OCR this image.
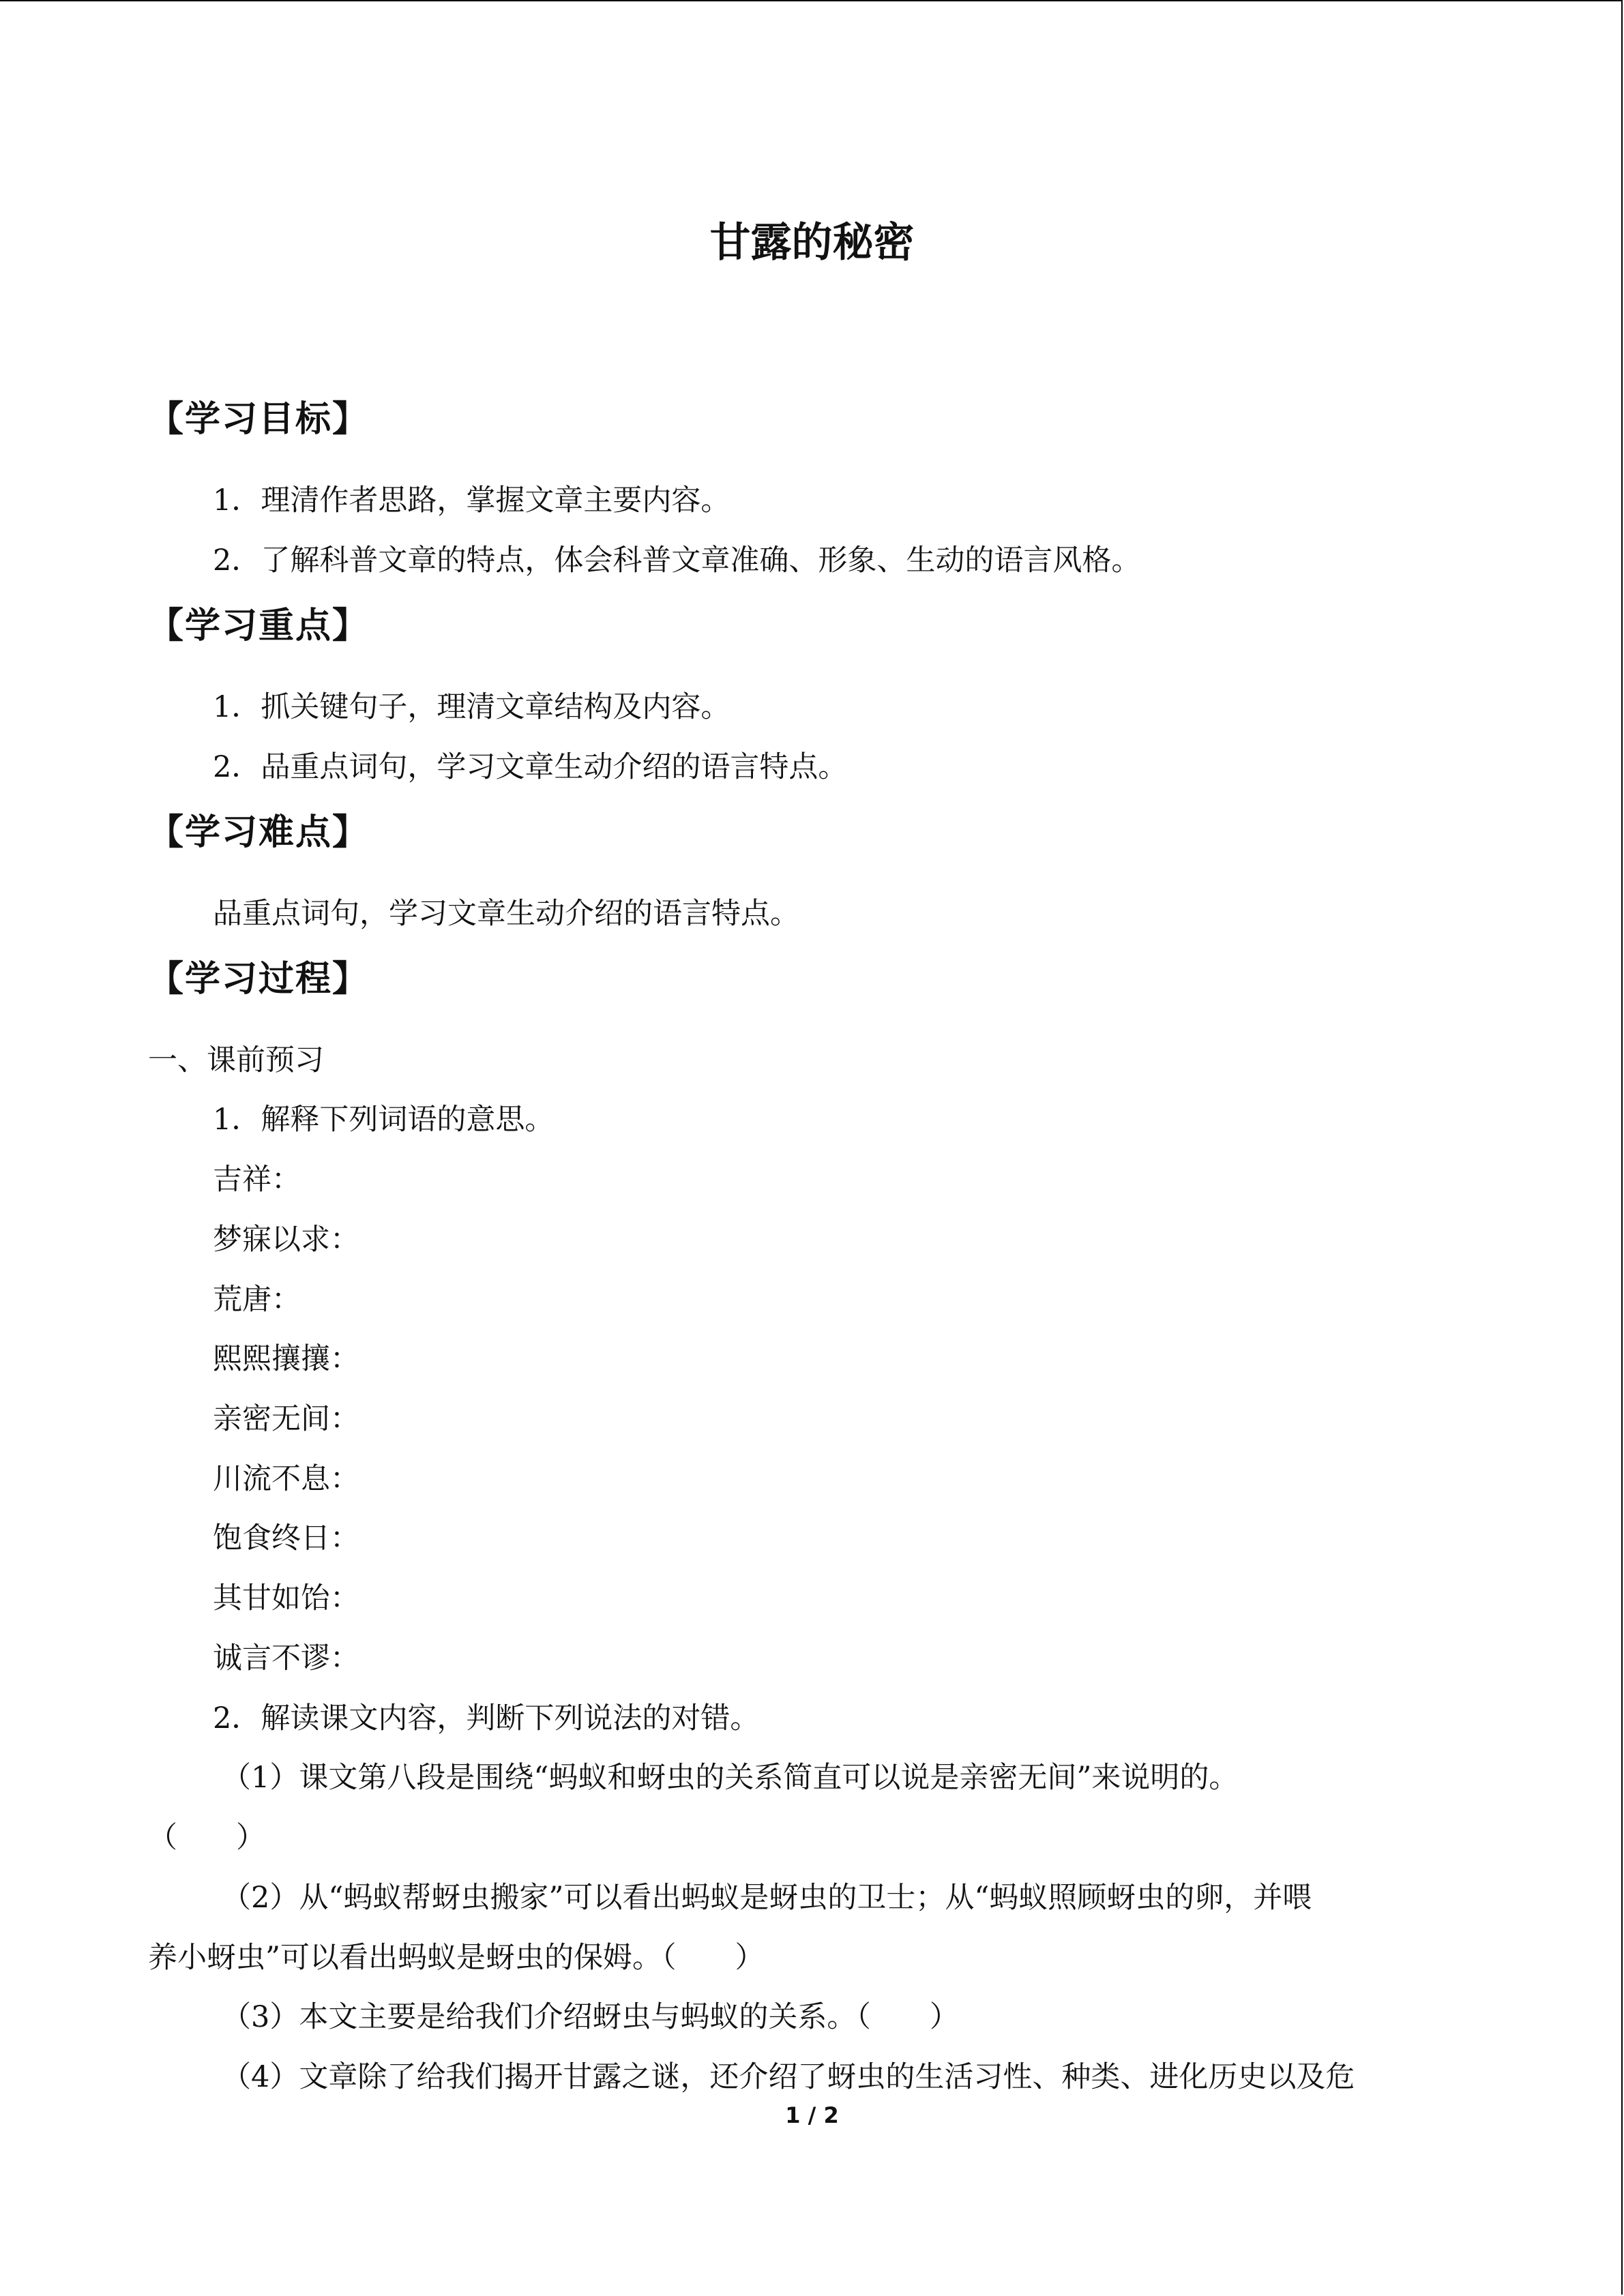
甘露的秘密
【学习目标】
1．理清作者思路，掌握文章主要内容。
2．了解科普文章的特点，体会科普文章准确、形象、生动的语言风格。
【学习重点】
1．抓关键句子，理清文章结构及内容。
2．品重点词句，学习文章生动介绍的语言特点。
【学习难点】
品重点词句，学习文章生动介绍的语言特点。
【学习过程】
一、课前预习
1．解释下列词语的意思。
吉祥：
梦寐以求：
荒唐：
熙熙攘攘：
亲密无间：
川流不息：
饱食终日：
其甘如饴：
诚言不谬：
2．解读课文内容，判断下列说法的对错。
（1）课文第八段是围绕“蚂蚁和蚜虫的关系简直可以说是亲密无间”来说明的。
（　　）
（2）从“蚂蚁帮蚜虫搬家”可以看出蚂蚁是蚜虫的卫士；从“蚂蚁照顾蚜虫的卵，并喂
养小蚜虫”可以看出蚂蚁是蚜虫的保姆。（　　）
（3）本文主要是给我们介绍蚜虫与蚂蚁的关系。（　　）
（4）文章除了给我们揭开甘露之谜，还介绍了蚜虫的生活习性、种类、进化历史以及危
1 / 2
